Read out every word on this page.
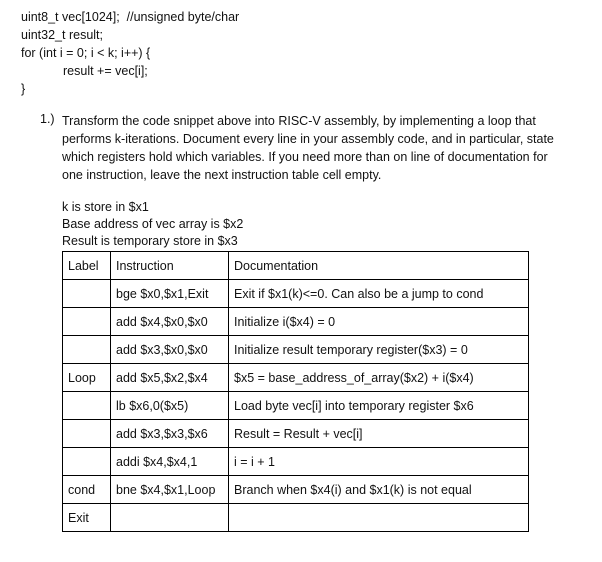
uint8_t vec[1024];  //unsigned byte/char
uint32_t result;
for (int i = 0; i < k; i++) {
result += vec[i];
}
1.) Transform the code snippet above into RISC-V assembly, by implementing a loop that performs k-iterations. Document every line in your assembly code, and in particular, state which registers hold which variables. If you need more than on line of documentation for one instruction, leave the next instruction table cell empty.
k is store in $x1
Base address of vec array is $x2
Result is temporary store in $x3
Label	Instruction	Documentation
	bge $x0,$x1,Exit	Exit if $x1(k)<=0. Can also be a jump to cond
	add $x4,$x0,$x0	Initialize i($x4) = 0
	add $x3,$x0,$x0	Initialize result temporary register($x3) = 0
Loop	add $x5,$x2,$x4	$x5 = base_address_of_array($x2) + i($x4)
	lb $x6,0($x5)	Load byte vec[i] into temporary register $x6
	add $x3,$x3,$x6	Result = Result + vec[i]
	addi $x4,$x4,1	i = i + 1
cond	bne $x4,$x1,Loop	Branch when $x4(i) and $x1(k) is not equal
Exit		
